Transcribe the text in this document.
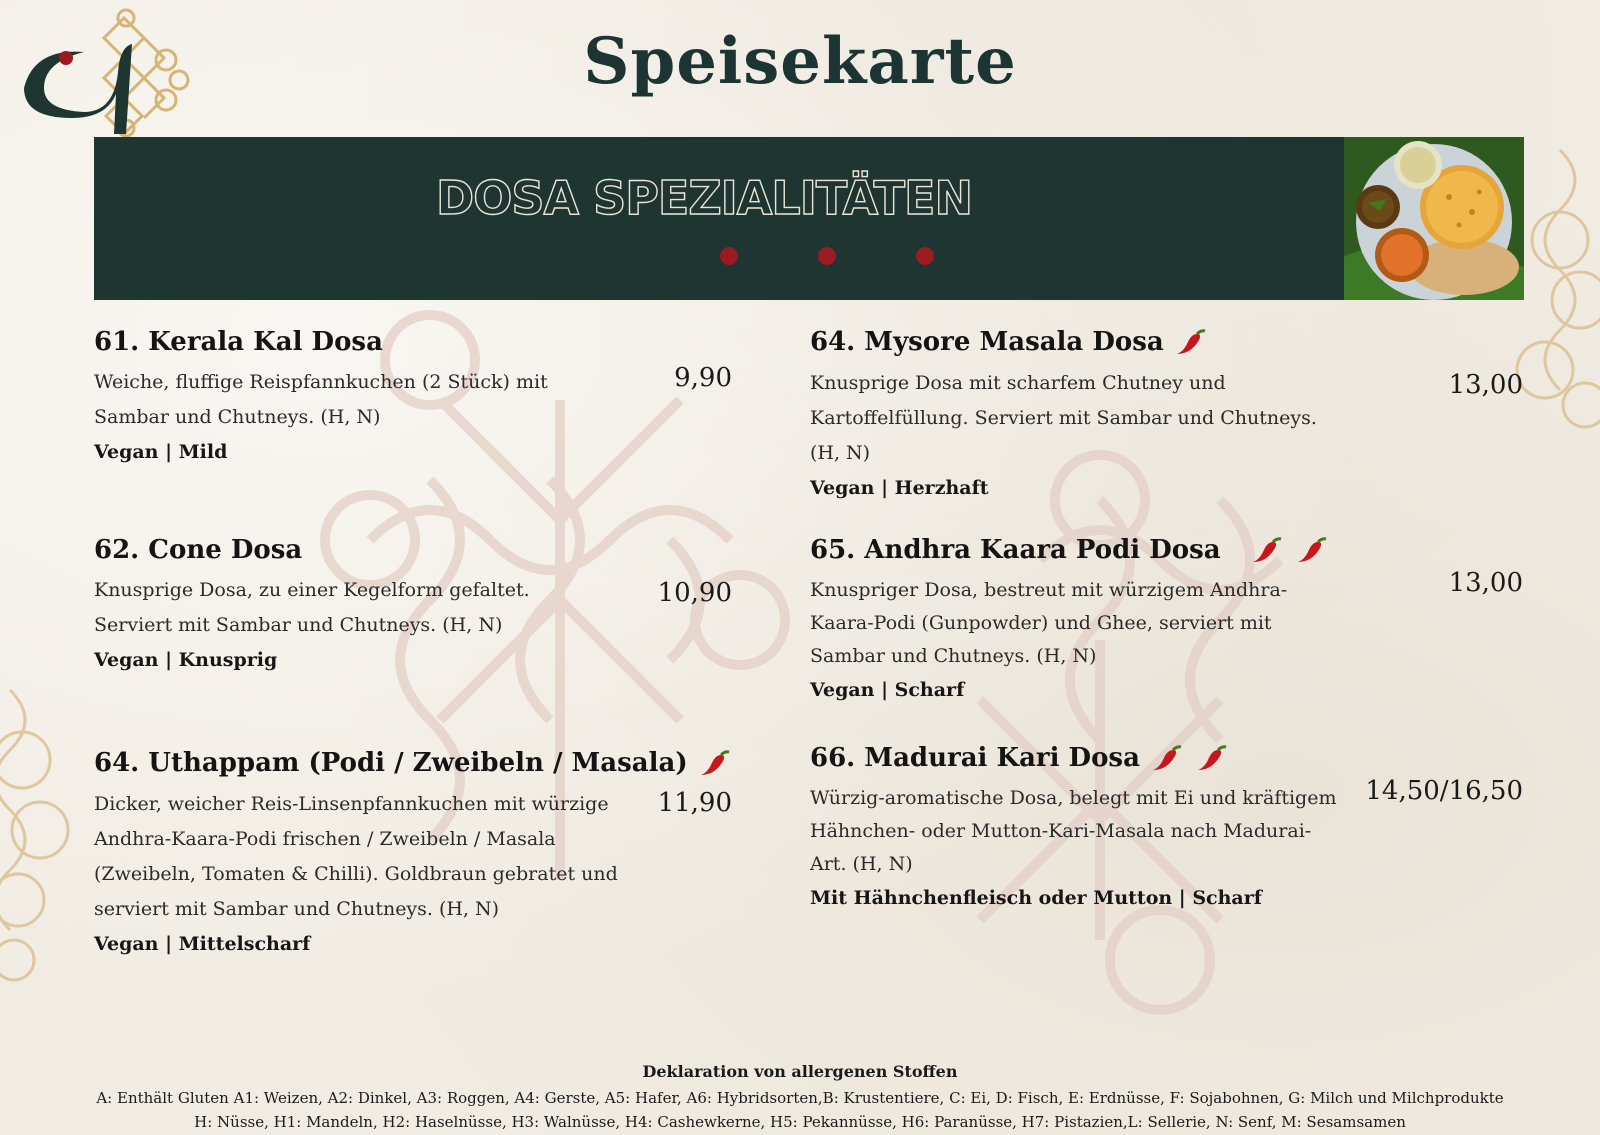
Speisekarte
DOSA SPEZIALITÄTEN
61. Kerala Kal Dosa
Weiche, fluffige Reispfannkuchen (2 Stück) mit Sambar und Chutneys. (H, N)
Vegan | Mild
9,90
62. Cone Dosa
Knusprige Dosa, zu einer Kegelform gefaltet. Serviert mit Sambar und Chutneys. (H, N)
Vegan | Knusprig
10,90
64. Uthappam (Podi / Zweibeln / Masala)
Dicker, weicher Reis-Linsenpfannkuchen mit würzige Andhra-Kaara-Podi frischen / Zweibeln / Masala (Zweibeln, Tomaten & Chilli). Goldbraun gebratet und serviert mit Sambar und Chutneys. (H, N)
Vegan | Mittelscharf
11,90
64. Mysore Masala Dosa
Knusprige Dosa mit scharfem Chutney und Kartoffelfüllung. Serviert mit Sambar und Chutneys. (H, N)
Vegan | Herzhaft
13,00
65. Andhra Kaara Podi Dosa
Knuspriger Dosa, bestreut mit würzigem Andhra-Kaara-Podi (Gunpowder) und Ghee, serviert mit Sambar und Chutneys. (H, N)
Vegan | Scharf
13,00
66. Madurai Kari Dosa
Würzig-aromatische Dosa, belegt mit Ei und kräftigem Hähnchen- oder Mutton-Kari-Masala nach Madurai-Art. (H, N)
Mit Hähnchenfleisch oder Mutton | Scharf
14,50/16,50
Deklaration von allergenen Stoffen
A: Enthält Gluten A1: Weizen, A2: Dinkel, A3: Roggen, A4: Gerste, A5: Hafer, A6: Hybridsorten,B: Krustentiere, C: Ei, D: Fisch, E: Erdnüsse, F: Sojabohnen, G: Milch und Milchprodukte
H: Nüsse, H1: Mandeln, H2: Haselnüsse, H3: Walnüsse, H4: Cashewkerne, H5: Pekannüsse, H6: Paranüsse, H7: Pistazien,L: Sellerie, N: Senf, M: Sesamsamen
